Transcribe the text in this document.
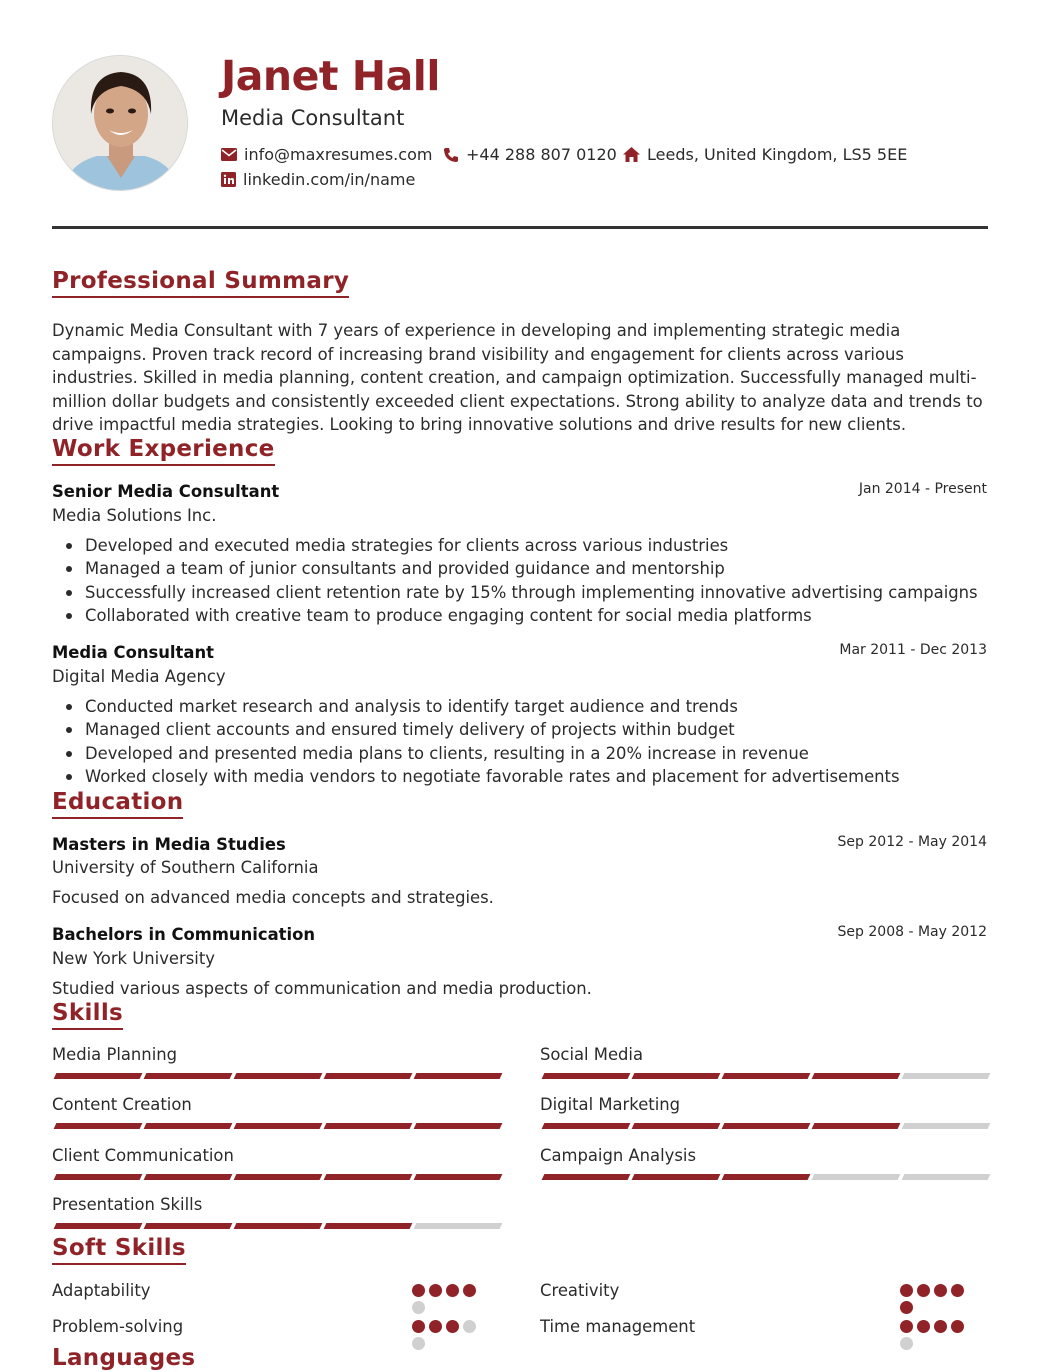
Janet Hall
Media Consultant
info@maxresumes.com +44 288 807 0120 Leeds, United Kingdom, LS5 5EE
linkedin.com/in/name
Professional Summary
Dynamic Media Consultant with 7 years of experience in developing and implementing strategic media campaigns. Proven track record of increasing brand visibility and engagement for clients across various industries. Skilled in media planning, content creation, and campaign optimization. Successfully managed multi-million dollar budgets and consistently exceeded client expectations. Strong ability to analyze data and trends to drive impactful media strategies. Looking to bring innovative solutions and drive results for new clients.
Work Experience
Senior Media Consultant	Jan 2014 - Present
Media Solutions Inc.
Developed and executed media strategies for clients across various industries
Managed a team of junior consultants and provided guidance and mentorship
Successfully increased client retention rate by 15% through implementing innovative advertising campaigns
Collaborated with creative team to produce engaging content for social media platforms
Media Consultant	Mar 2011 - Dec 2013
Digital Media Agency
Conducted market research and analysis to identify target audience and trends
Managed client accounts and ensured timely delivery of projects within budget
Developed and presented media plans to clients, resulting in a 20% increase in revenue
Worked closely with media vendors to negotiate favorable rates and placement for advertisements
Education
Masters in Media Studies	Sep 2012 - May 2014
University of Southern California
Focused on advanced media concepts and strategies.
Bachelors in Communication	Sep 2008 - May 2012
New York University
Studied various aspects of communication and media production.
Skills
Media Planning	Social Media
Content Creation	Digital Marketing
Client Communication	Campaign Analysis
Presentation Skills
Soft Skills
Adaptability	Creativity
Problem-solving	Time management
Languages
